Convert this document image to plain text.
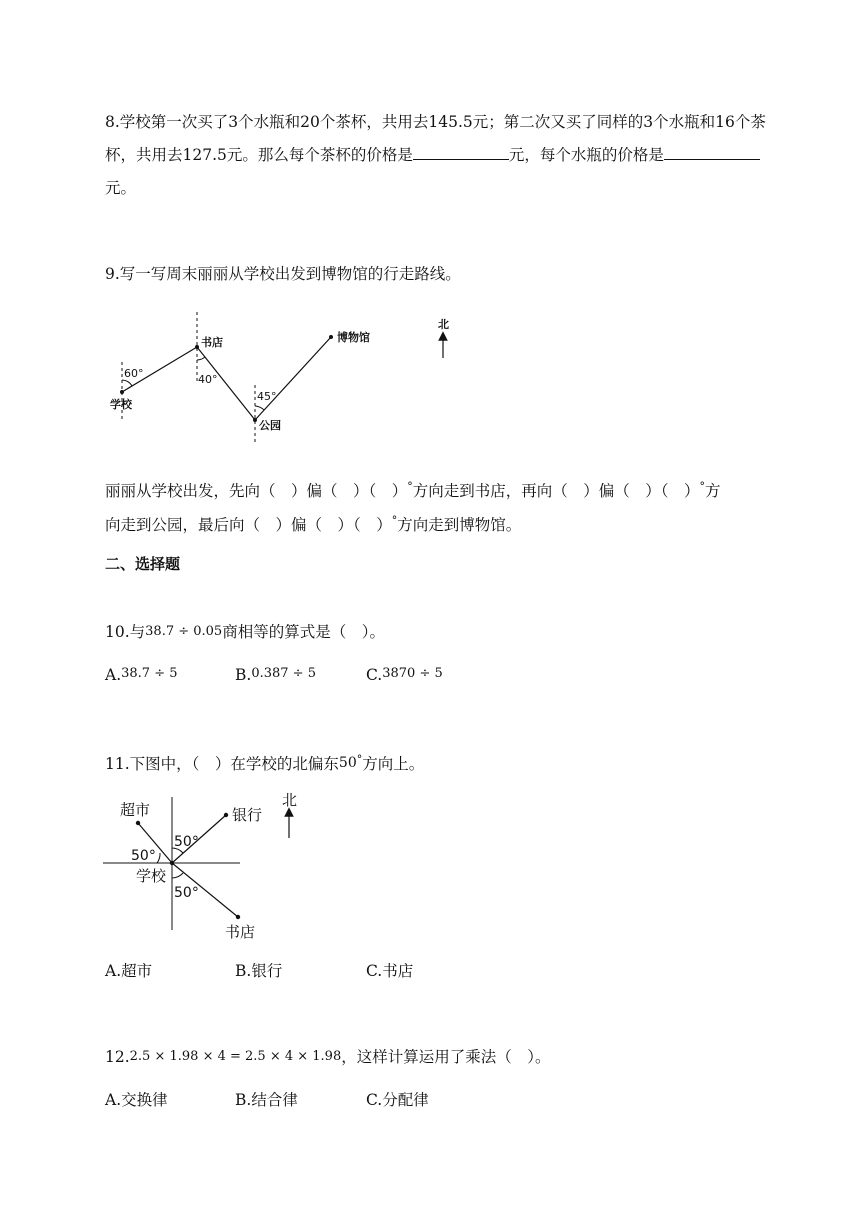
8.学校第一次买了3个水瓶和20个茶杯，共用去145.5元；第二次又买了同样的3个水瓶和16个茶
杯，共用去127.5元。那么每个茶杯的价格是	元，每个水瓶的价格是
元。
9.写一写周末丽丽从学校出发到博物馆的行走路线。
60°	40°
45°
学校
书店
公园
博物馆
北
50°
50°
50°
超市	银行
学校
书店
北
丽丽从学校出发，先向（　）偏（　）（　）°方向走到书店，再向（　）偏（　）（　）°方
向走到公园，最后向（　）偏（　）（　）°方向走到博物馆。
二、选择题
10.与38.7 ÷ 0.05商相等的算式是（　）。
A.38.7 ÷ 5	B.0.387 ÷ 5	C.3870 ÷ 5
11.下图中，（　）在学校的北偏东50°方向上。
A.超市	B.银行	C.书店
12.2.5 × 1.98 × 4 = 2.5 × 4 × 1.98，这样计算运用了乘法（　）。
A.交换律	B.结合律	C.分配律
